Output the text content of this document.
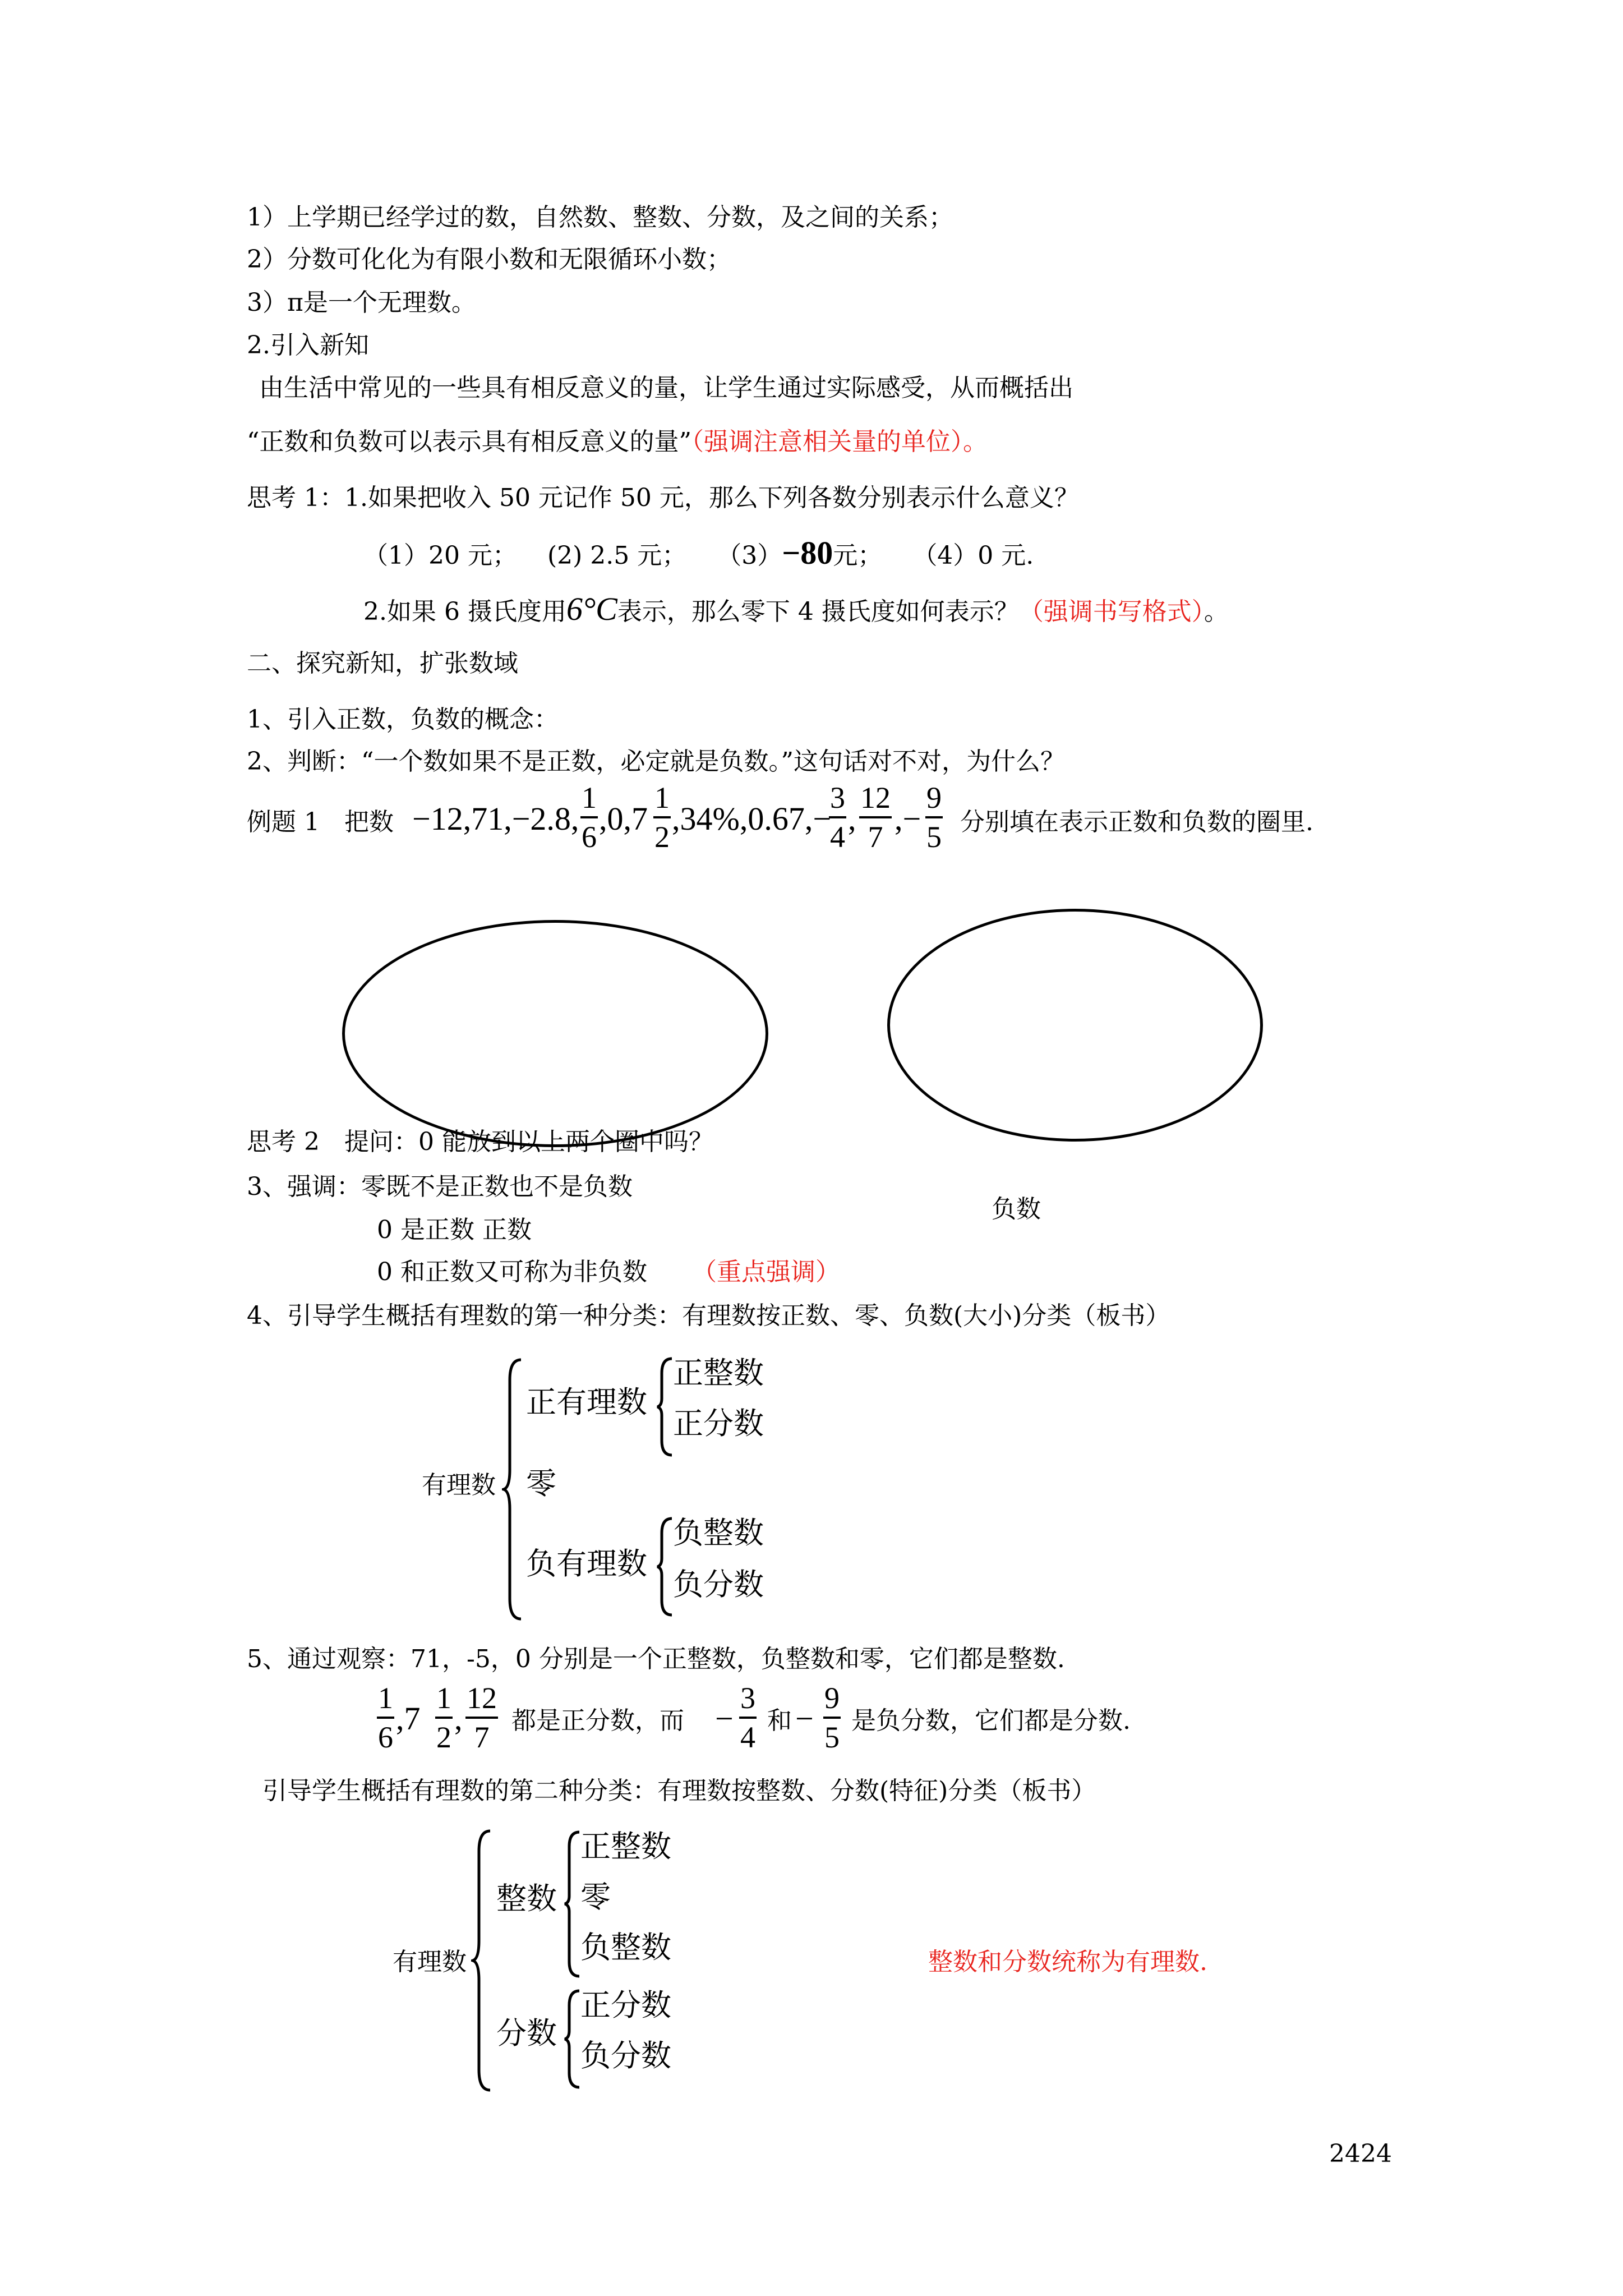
1）上学期已经学过的数，自然数、整数、分数，及之间的关系；
2）分数可化化为有限小数和无限循环小数；
3）π是一个无理数。
2.引入新知
由生活中常见的一些具有相反意义的量，让学生通过实际感受，从而概括出
“正数和负数可以表示具有相反意义的量”（强调注意相关量的单位）。
思考 1：1.如果把收入 50 元记作 50 元，那么下列各数分别表示什么意义？
（1）20 元； (2) 2.5 元； （3）−80元； （4）0 元.
2.如果 6 摄氏度用6°C表示，那么零下 4 摄氏度如何表示？（强调书写格式）。
二、探究新知，扩张数域
1、引入正数，负数的概念：
2、判断：“一个数如果不是正数，必定就是负数。”这句话对不对，为什么？
例题 1　把数 −12,71,−2.8,
1
6 ,0,7
1
2 ,34%,0.67,−
3
4 ,
12
7 ,−
9
5 分别填在表示正数和负数的圈里.
思考 2　提问：0 能放到以上两个圈中吗？
3、强调：零既不是正数也不是负数
负数
0 是正数 正数
0 和正数又可称为非负数 （重点强调）
4、引导学生概括有理数的第一种分类：有理数按正数、零、负数(大小)分类（板书）
有理数
正有理数
正整数
正分数
零
负有理数
负整数
负分数
5、通过观察：71，-5，0 分别是一个正整数，负整数和零，它们都是整数.
1
6
,7
1
2
,
12
7 都是正分数，而 −
3
4 和 −
9
5 是负分数，它们都是分数.
引导学生概括有理数的第二种分类：有理数按整数、分数(特征)分类（板书）
有理数
整数
正整数
零
负整数
分数
正分数
负分数
整数和分数统称为有理数.
2424
